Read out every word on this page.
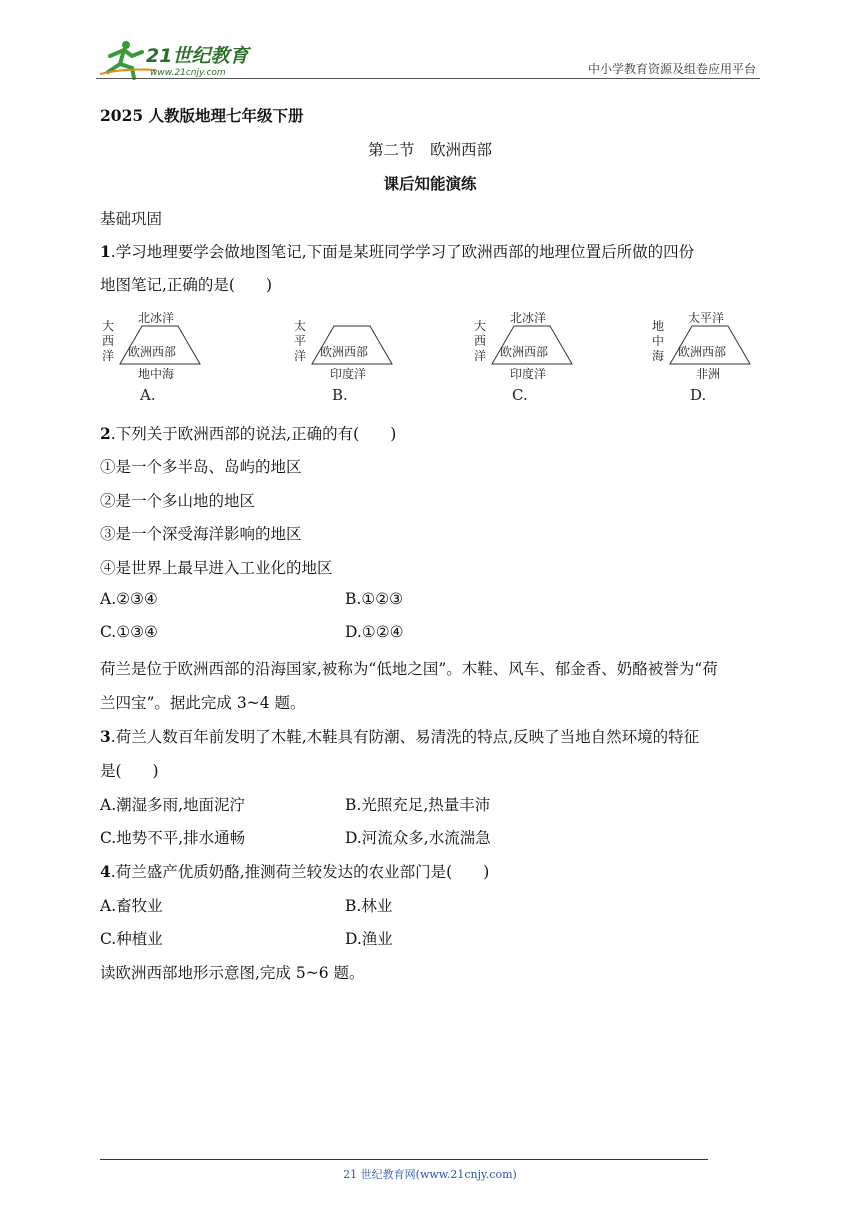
21世纪教育
www.21cnjy.com	中小学教育资源及组卷应用平台
2025 人教版地理七年级下册
第二节　欧洲西部
课后知能演练
基础巩固
1.学习地理要学会做地图笔记,下面是某班同学学习了欧洲西部的地理位置后所做的四份
地图笔记,正确的是(　　)
北冰洋
大
西
洋 欧洲西部
地中海
A.
太
平
洋 欧洲西部
印度洋
B.
北冰洋
大
西
洋 欧洲西部
印度洋
C.
太平洋
地
中
海 欧洲西部
非洲
D.
2.下列关于欧洲西部的说法,正确的有(　　)
①是一个多半岛、岛屿的地区
②是一个多山地的地区
③是一个深受海洋影响的地区
④是世界上最早进入工业化的地区
A.②③④	B.①②③
C.①③④	D.①②④
荷兰是位于欧洲西部的沿海国家,被称为“低地之国”。木鞋、风车、郁金香、奶酪被誉为“荷
兰四宝”。据此完成 3~4 题。
3.荷兰人数百年前发明了木鞋,木鞋具有防潮、易清洗的特点,反映了当地自然环境的特征
是(　　)
A.潮湿多雨,地面泥泞	B.光照充足,热量丰沛
C.地势不平,排水通畅	D.河流众多,水流湍急
4.荷兰盛产优质奶酪,推测荷兰较发达的农业部门是(　　)
A.畜牧业	B.林业
C.种植业	D.渔业
读欧洲西部地形示意图,完成 5~6 题。
21 世纪教育网(www.21cnjy.com)
